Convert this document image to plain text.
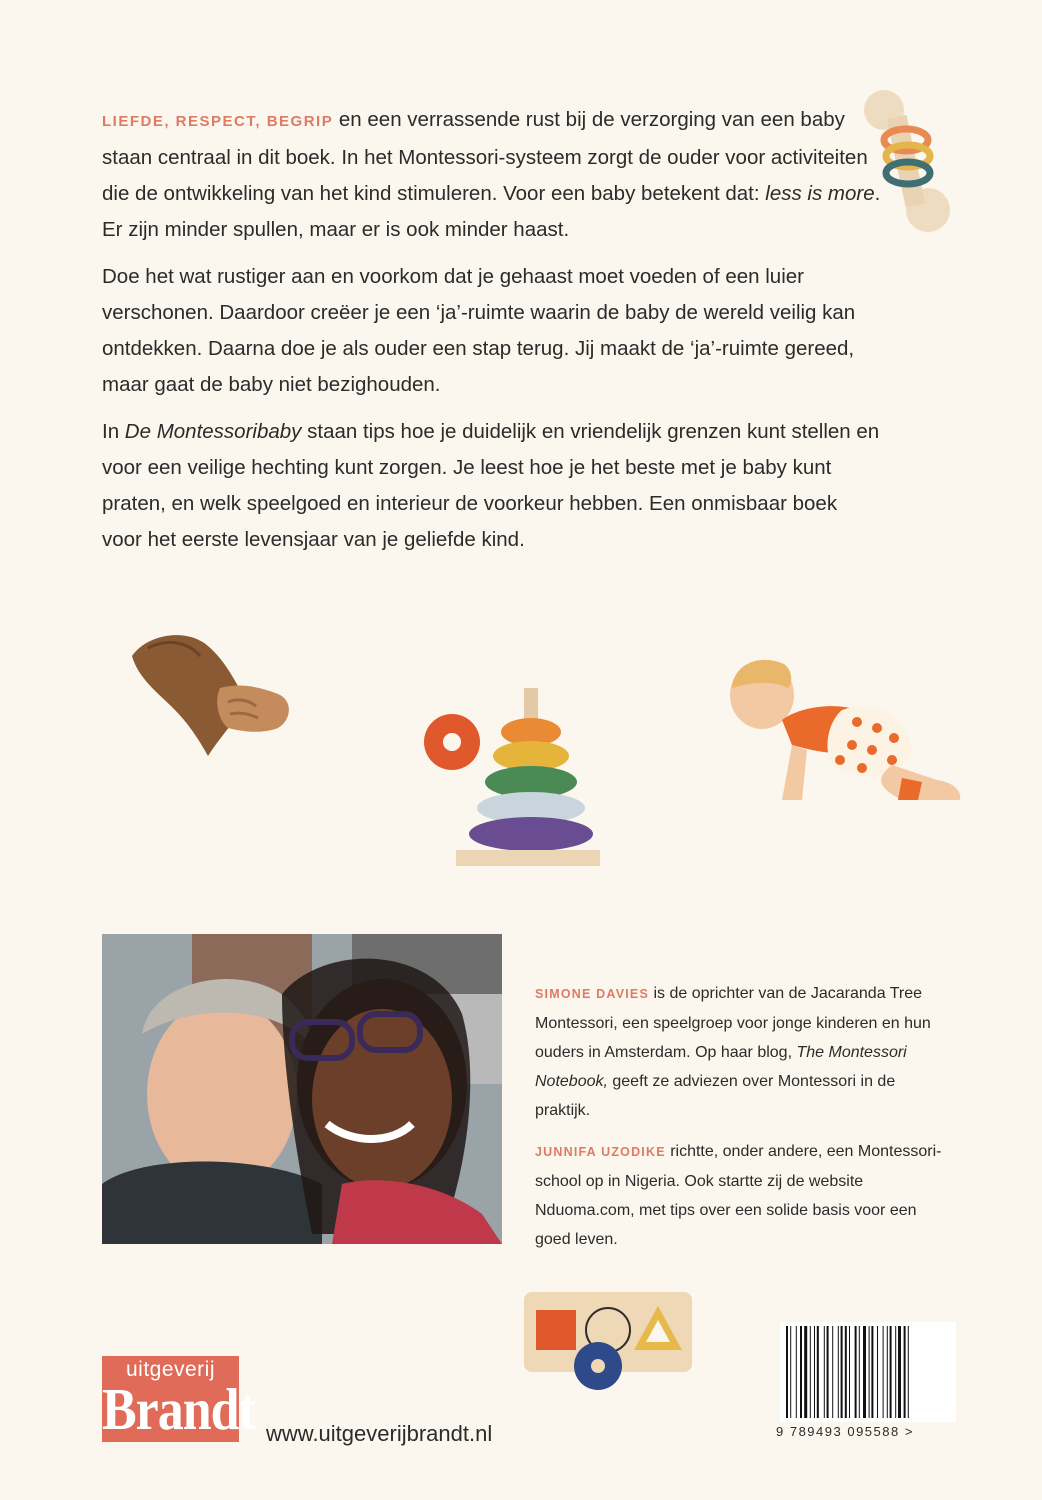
LIEFDE, RESPECT, BEGRIP en een verrassende rust bij de verzorging van een baby staan centraal in dit boek. In het Montessori-systeem zorgt de ouder voor activiteiten die de ontwikkeling van het kind stimuleren. Voor een baby betekent dat: less is more. Er zijn minder spullen, maar er is ook minder haast.

Doe het wat rustiger aan en voorkom dat je gehaast moet voeden of een luier verschonen. Daardoor creëer je een ‘ja’-ruimte waarin de baby de wereld veilig kan ontdekken. Daarna doe je als ouder een stap terug. Jij maakt de ‘ja’-ruimte gereed, maar gaat de baby niet bezighouden.

In De Montessoribaby staan tips hoe je duidelijk en vriendelijk grenzen kunt stellen en voor een veilige hechting kunt zorgen. Je leest hoe je het beste met je baby kunt praten, en welk speelgoed en interieur de voorkeur hebben. Een onmisbaar boek voor het eerste levensjaar van je geliefde kind.

SIMONE DAVIES is de oprichter van de Jacaranda Tree Montessori, een speelgroep voor jonge kinderen en hun ouders in Amsterdam. Op haar blog, The Montessori Notebook, geeft ze adviezen over Montessori in de praktijk.

JUNNIFA UZODIKE richtte, onder andere, een Montessori-school op in Nigeria. Ook startte zij de website Nduoma.com, met tips over een solide basis voor een goed leven.

uitgeverij
Brandt www.uitgeverijbrandt.nl	9 789493 095588 >
